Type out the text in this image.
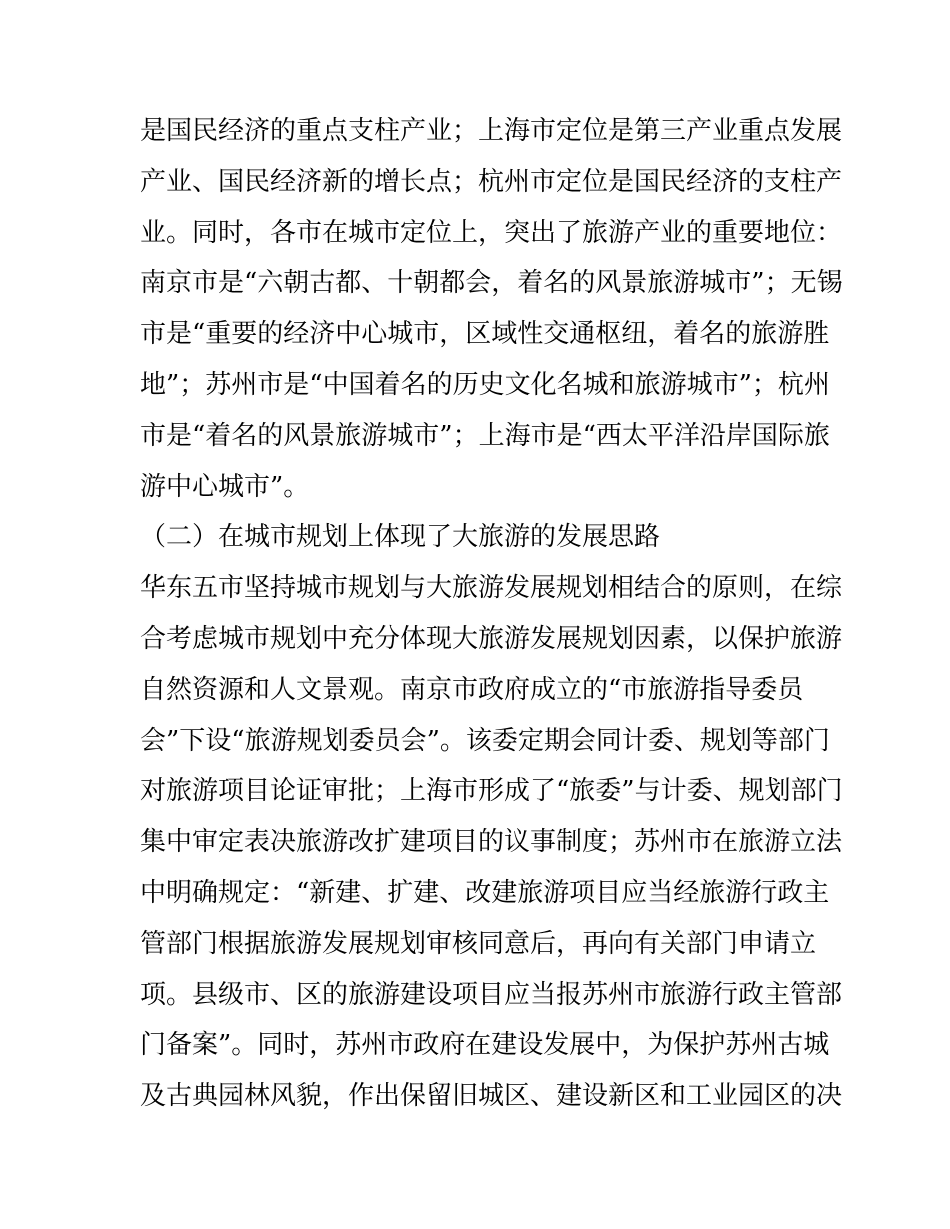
是国民经济的重点支柱产业；上海市定位是第三产业重点发展
产业、国民经济新的增长点；杭州市定位是国民经济的支柱产
业。同时，各市在城市定位上，突出了旅游产业的重要地位：
南京市是“六朝古都、十朝都会，着名的风景旅游城市”；无锡
市是“重要的经济中心城市，区域性交通枢纽，着名的旅游胜
地”；苏州市是“中国着名的历史文化名城和旅游城市”；杭州
市是“着名的风景旅游城市”；上海市是“西太平洋沿岸国际旅
游中心城市”。
（二）在城市规划上体现了大旅游的发展思路
华东五市坚持城市规划与大旅游发展规划相结合的原则，在综
合考虑城市规划中充分体现大旅游发展规划因素，以保护旅游
自然资源和人文景观。南京市政府成立的“市旅游指导委员
会”下设“旅游规划委员会”。该委定期会同计委、规划等部门
对旅游项目论证审批；上海市形成了“旅委”与计委、规划部门
集中审定表决旅游改扩建项目的议事制度；苏州市在旅游立法
中明确规定：“新建、扩建、改建旅游项目应当经旅游行政主
管部门根据旅游发展规划审核同意后，再向有关部门申请立
项。县级市、区的旅游建设项目应当报苏州市旅游行政主管部
门备案”。同时，苏州市政府在建设发展中，为保护苏州古城
及古典园林风貌，作出保留旧城区、建设新区和工业园区的决
